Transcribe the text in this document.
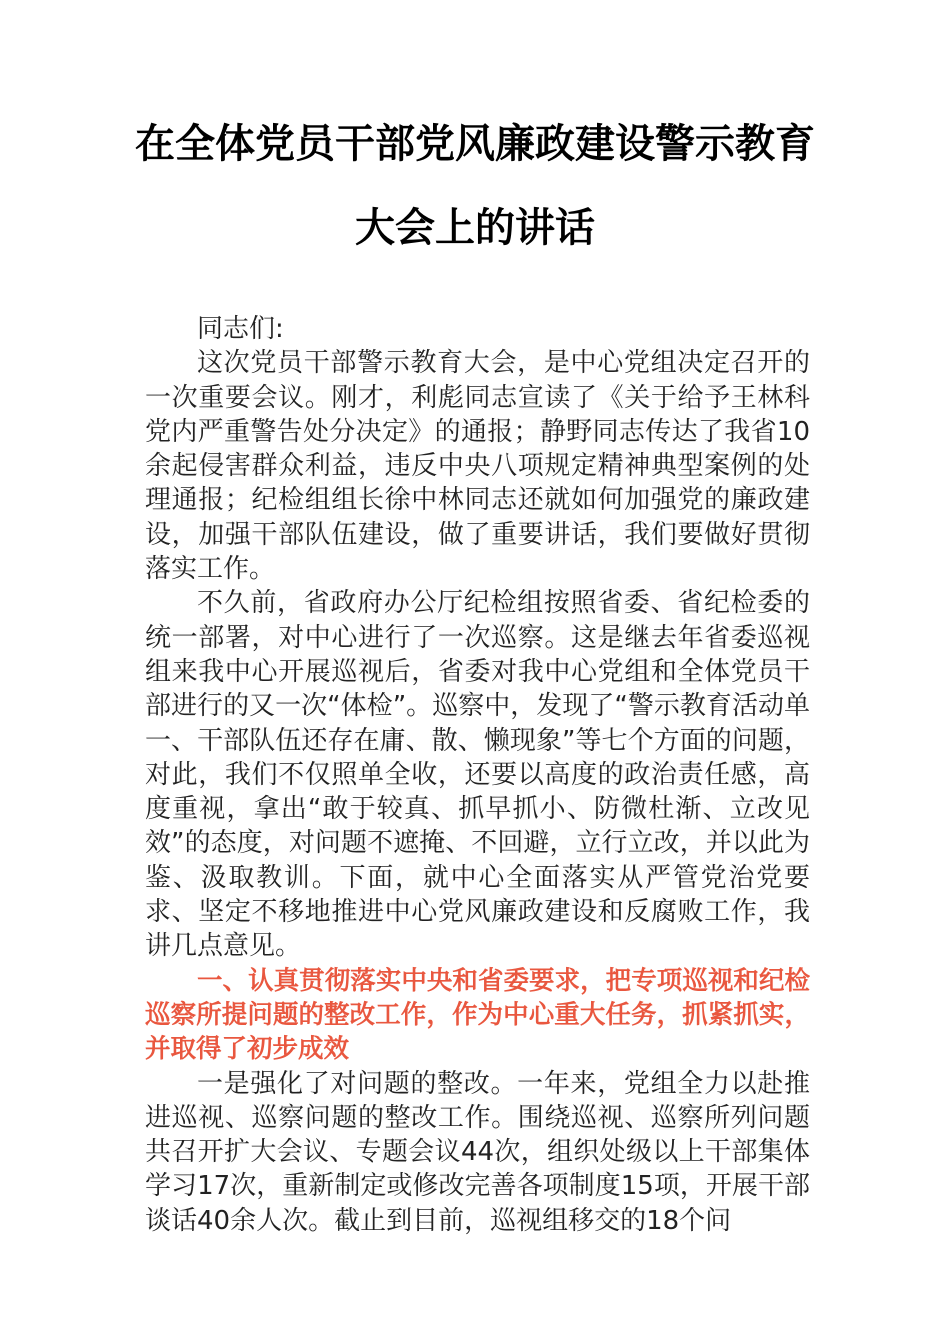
在全体党员干部党风廉政建设警示教育
大会上的讲话

同志们:

这次党员干部警示教育大会，是中心党组决定召开的一次重要会议。刚才，利彪同志宣读了《关于给予王林科党内严重警告处分决定》的通报；静野同志传达了我省10余起侵害群众利益，违反中央八项规定精神典型案例的处理通报；纪检组组长徐中林同志还就如何加强党的廉政建设，加强干部队伍建设，做了重要讲话，我们要做好贯彻落实工作。

不久前，省政府办公厅纪检组按照省委、省纪检委的统一部署，对中心进行了一次巡察。这是继去年省委巡视组来我中心开展巡视后，省委对我中心党组和全体党员干部进行的又一次“体检”。巡察中，发现了“警示教育活动单一、干部队伍还存在庸、散、懒现象”等七个方面的问题，对此，我们不仅照单全收，还要以高度的政治责任感，高度重视，拿出“敢于较真、抓早抓小、防微杜渐、立改见效”的态度，对问题不遮掩、不回避，立行立改，并以此为鉴、汲取教训。下面，就中心全面落实从严管党治党要求、坚定不移地推进中心党风廉政建设和反腐败工作，我讲几点意见。

一、认真贯彻落实中央和省委要求，把专项巡视和纪检巡察所提问题的整改工作，作为中心重大任务，抓紧抓实，并取得了初步成效

一是强化了对问题的整改。一年来，党组全力以赴推进巡视、巡察问题的整改工作。围绕巡视、巡察所列问题共召开扩大会议、专题会议44次，组织处级以上干部集体学习17次，重新制定或修改完善各项制度15项，开展干部谈话40余人次。截止到目前，巡视组移交的18个问
